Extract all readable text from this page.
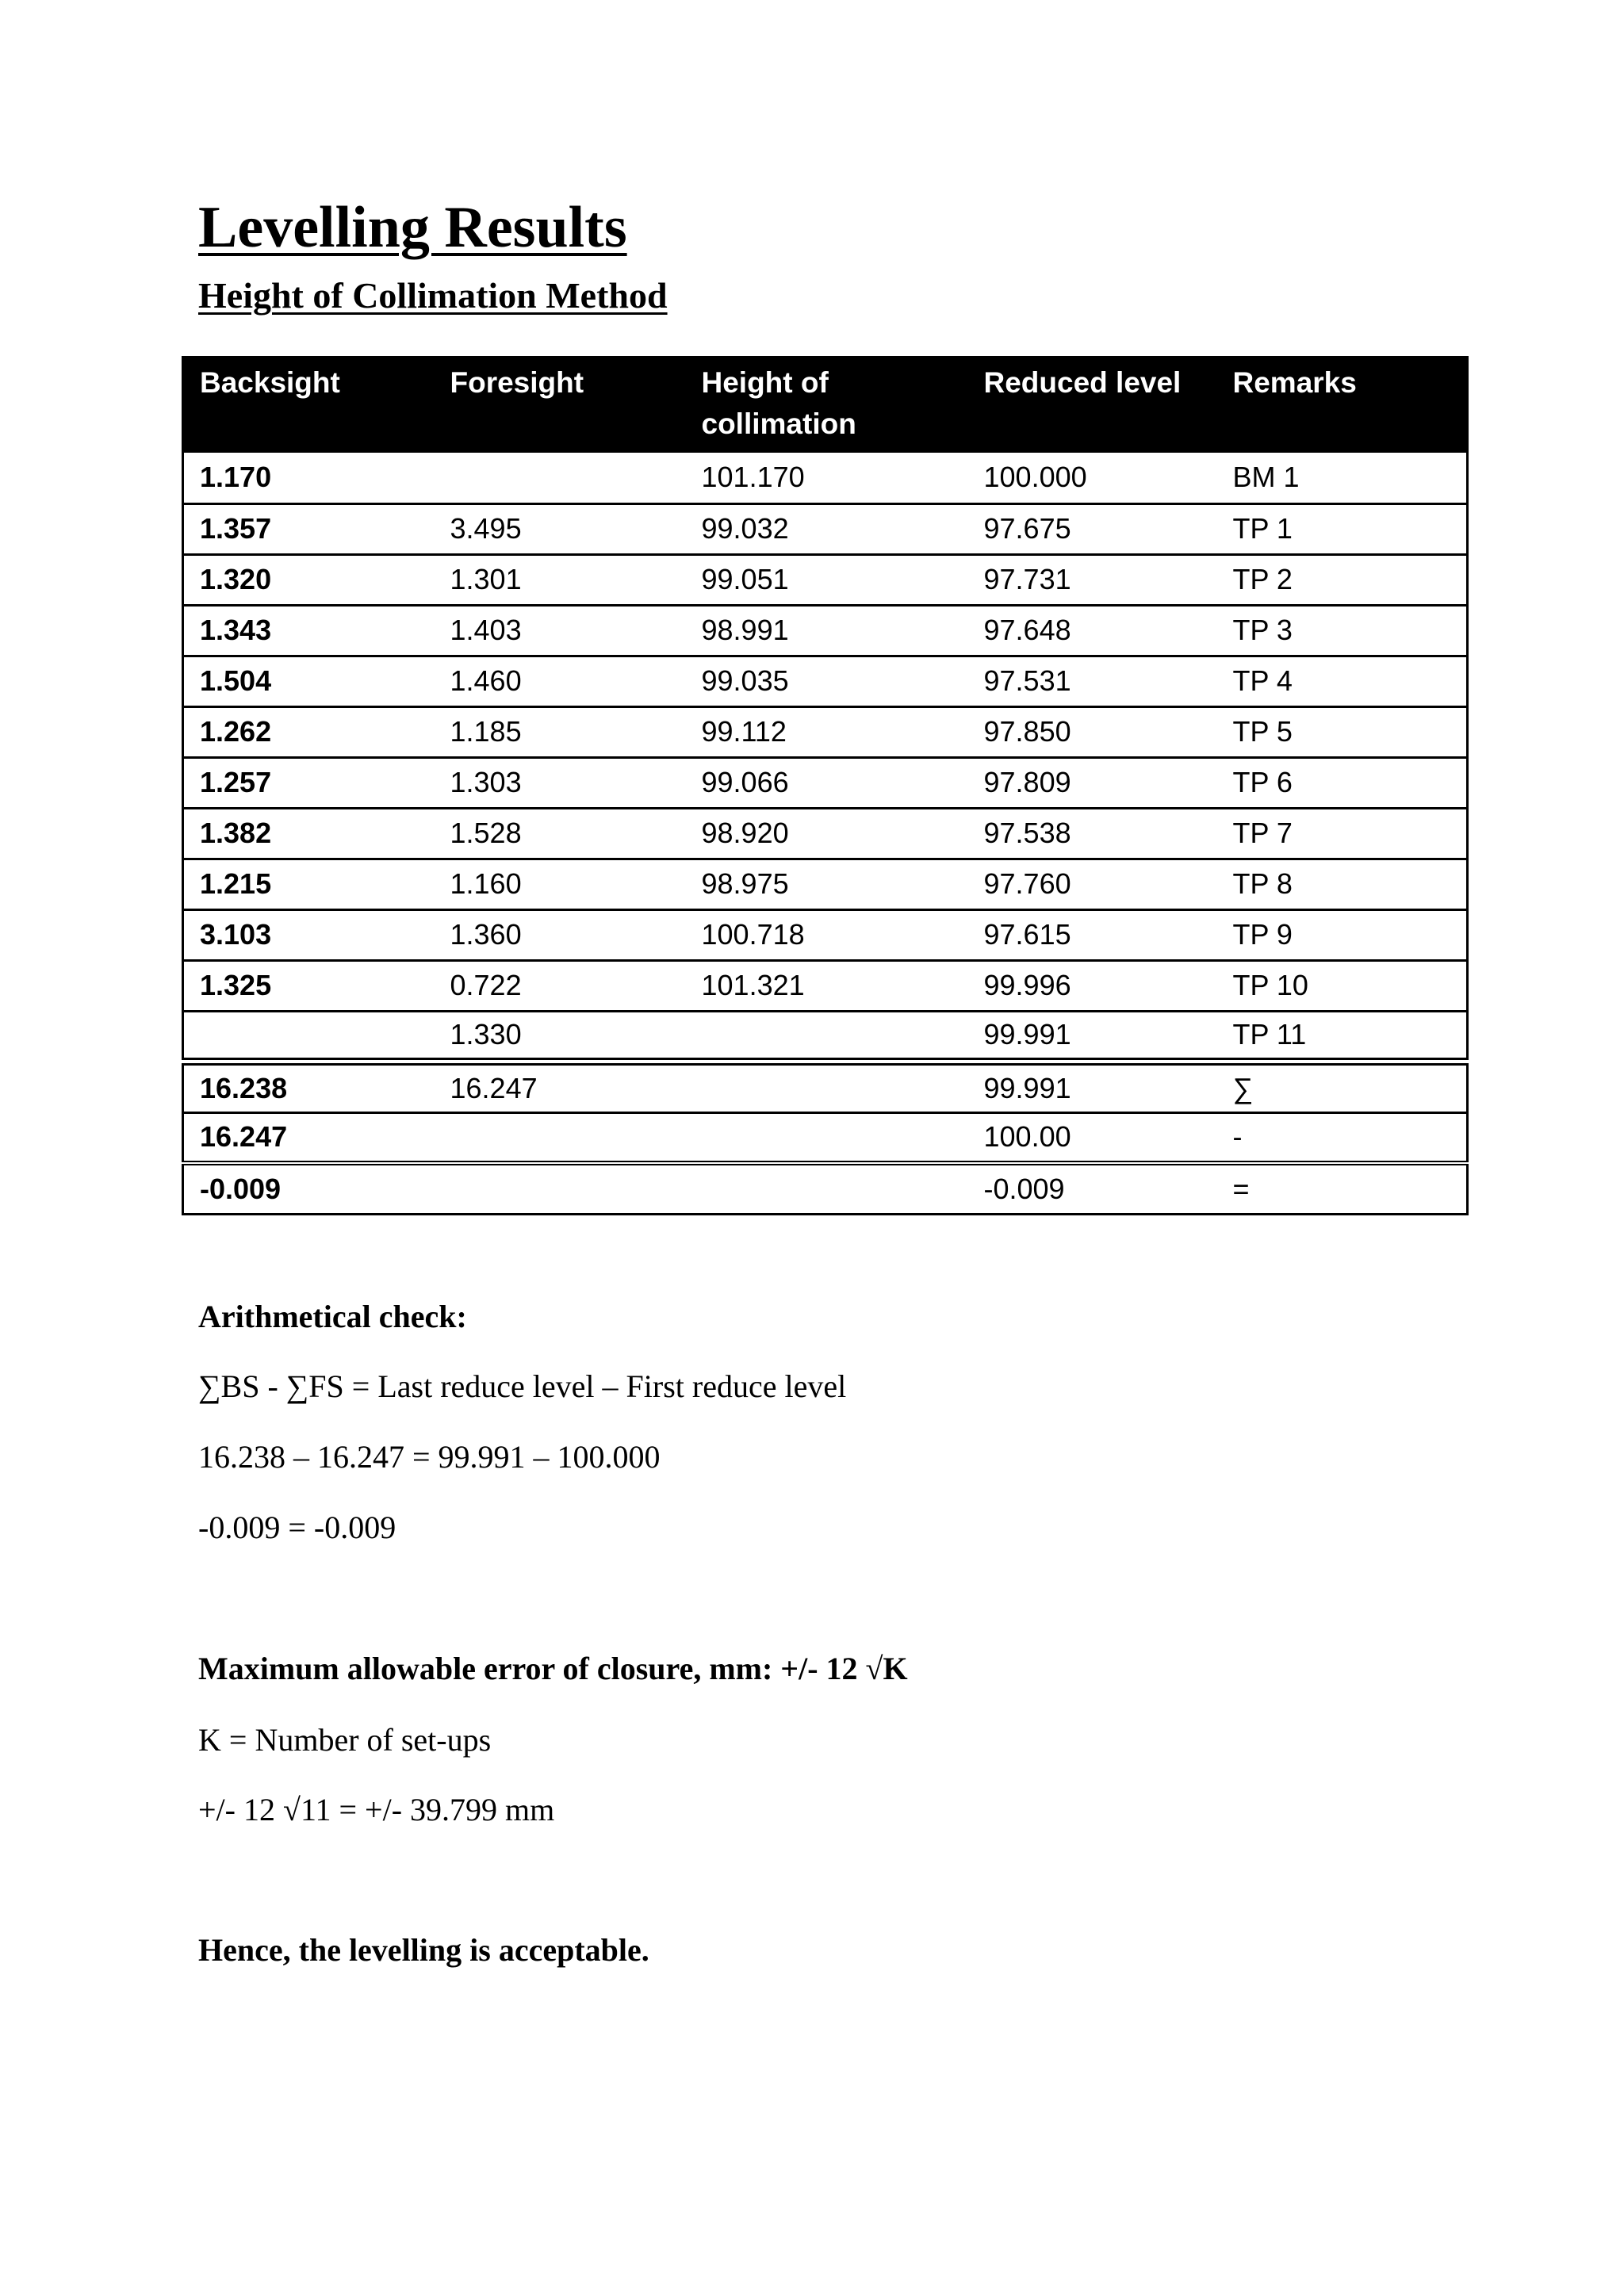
Levelling Results
Height of Collimation Method
Backsight	Foresight	Height of collimation	Reduced level	Remarks
1.170		101.170	100.000	BM 1
1.357	3.495	99.032	97.675	TP 1
1.320	1.301	99.051	97.731	TP 2
1.343	1.403	98.991	97.648	TP 3
1.504	1.460	99.035	97.531	TP 4
1.262	1.185	99.112	97.850	TP 5
1.257	1.303	99.066	97.809	TP 6
1.382	1.528	98.920	97.538	TP 7
1.215	1.160	98.975	97.760	TP 8
3.103	1.360	100.718	97.615	TP 9
1.325	0.722	101.321	99.996	TP 10
	1.330		99.991	TP 11
16.238	16.247		99.991	∑
16.247			100.00	-
-0.009			-0.009	=
Arithmetical check:
∑BS - ∑FS = Last reduce level – First reduce level
16.238 – 16.247 = 99.991 – 100.000
-0.009 = -0.009
Maximum allowable error of closure, mm: +/- 12 √K
K = Number of set-ups
+/- 12 √11 = +/- 39.799 mm
Hence, the levelling is acceptable.
